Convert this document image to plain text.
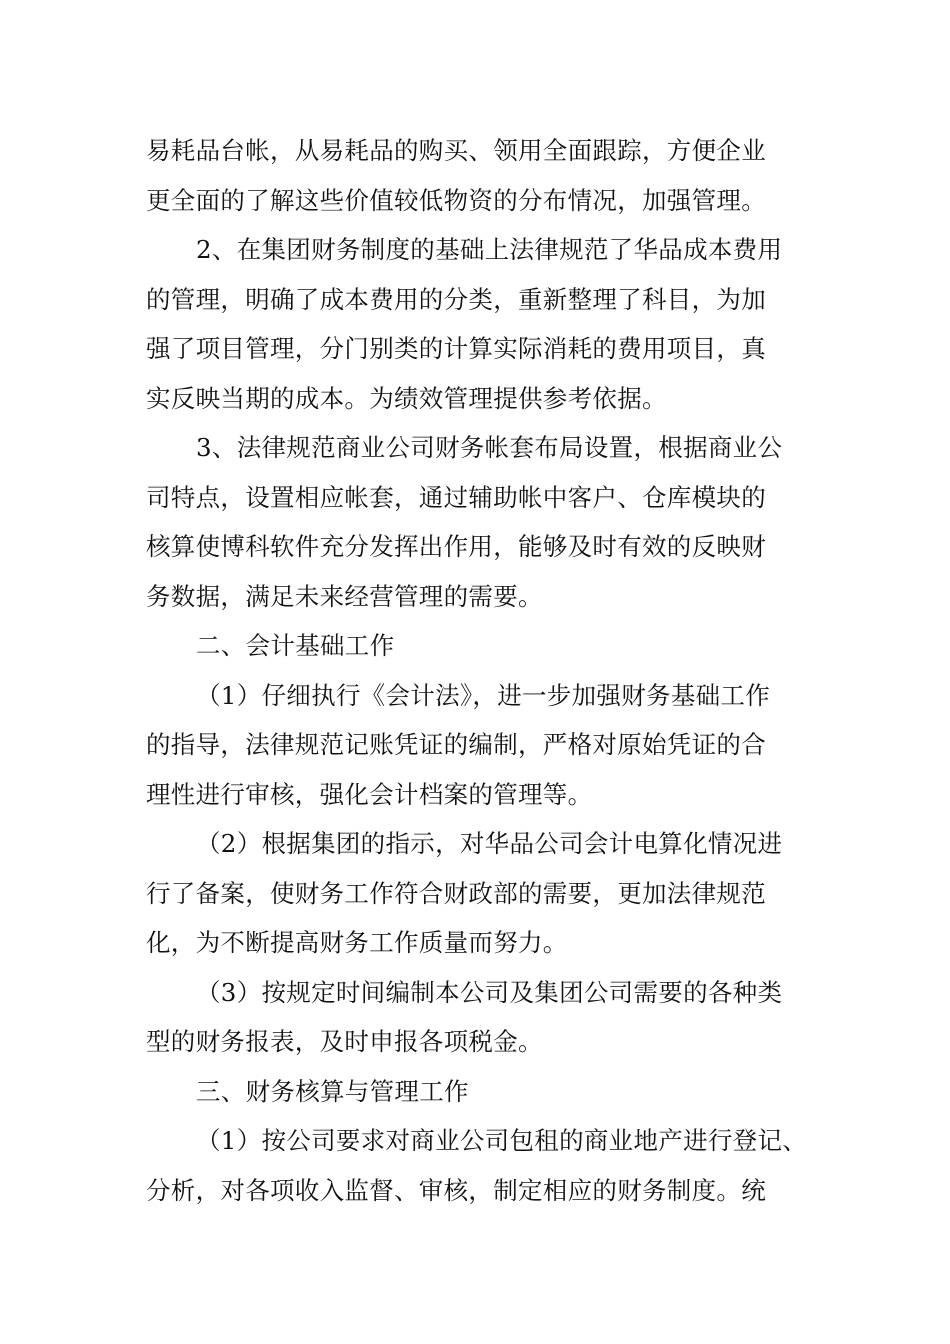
易耗品台帐，从易耗品的购买、领用全面跟踪，方便企业
更全面的了解这些价值较低物资的分布情况，加强管理。
2、在集团财务制度的基础上法律规范了华品成本费用
的管理，明确了成本费用的分类，重新整理了科目，为加
强了项目管理，分门别类的计算实际消耗的费用项目，真
实反映当期的成本。为绩效管理提供参考依据。
3、法律规范商业公司财务帐套布局设置，根据商业公
司特点，设置相应帐套，通过辅助帐中客户、仓库模块的
核算使博科软件充分发挥出作用，能够及时有效的反映财
务数据，满足未来经营管理的需要。
二、会计基础工作
（1）仔细执行《会计法》，进一步加强财务基础工作
的指导，法律规范记账凭证的编制，严格对原始凭证的合
理性进行审核，强化会计档案的管理等。
（2）根据集团的指示，对华品公司会计电算化情况进
行了备案，使财务工作符合财政部的需要，更加法律规范
化，为不断提高财务工作质量而努力。
（3）按规定时间编制本公司及集团公司需要的各种类
型的财务报表，及时申报各项税金。
三、财务核算与管理工作
（1）按公司要求对商业公司包租的商业地产进行登记、
分析，对各项收入监督、审核，制定相应的财务制度。统
